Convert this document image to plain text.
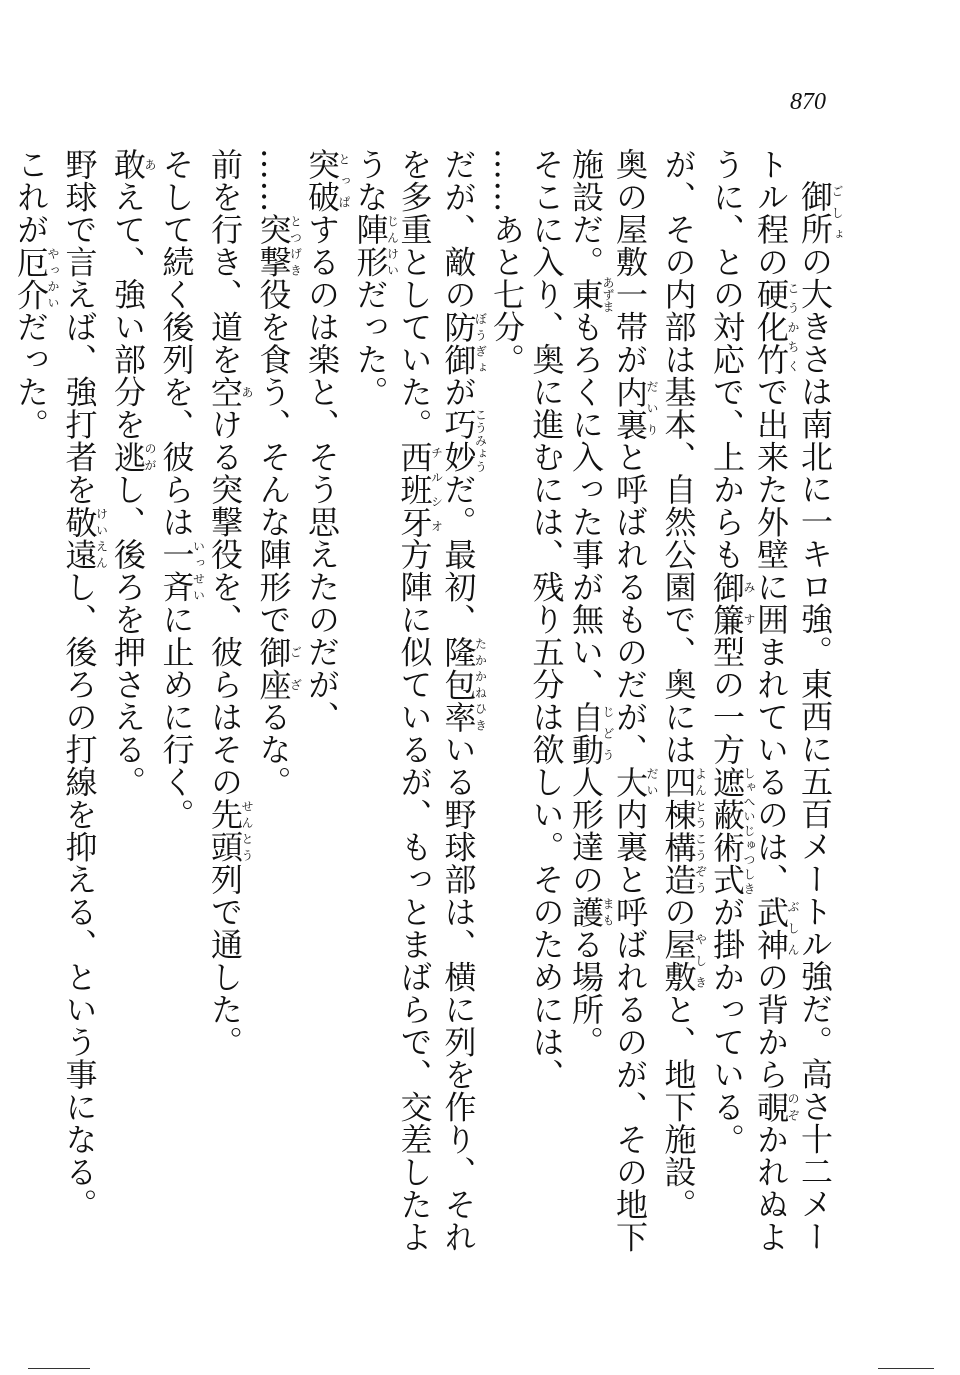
870

御所ごしょの大きさは南北に一キロ強。東西に五百メートル強だ。高さ十二メートル程の硬化竹こうかちくで出来た外壁に囲まれているのは、武神ぶしんの背から覗のぞかれぬように、との対応で、上からも御簾みす型の一方遮蔽術式しゃへいじゅつしきが掛かっている。

が、その内部は基本、自然公園で、奥には四棟構造よんとうこうぞうの屋敷やしきと、地下施設。

奥の屋敷一帯が内裏だいりと呼ばれるものだが、大だい内裏と呼ばれるのが、その地下施設だ。東あずまもろくに入った事が無い、自動じどう人形達の護まもる場所。

そこに入り、奥に進むには、残り五分は欲しい。そのためには、

……あと七分。

だが、敵の防御ぼうぎょが巧妙こうみょうだ。最初、隆包たかかね率ひきいる野球部は、横に列を作り、それを多重としていた。西班牙チルシオ方陣に似ているが、もっとまばらで、交差したような陣形じんけいだった。

突破とっぱするのは楽と、そう思えたのだが、

……突撃とつげき役を食う、そんな陣形で御座ござるな。

前を行き、道を空あける突撃役を、彼らはその先頭せんとう列で通した。

そして続く後列を、彼らは一斉いっせいに止めに行く。

敢あえて、強い部分を逃のがし、後ろを押さえる。

野球で言えば、強打者を敬遠けいえんし、後ろの打線を抑える、という事になる。

これが厄介やっかいだった。
